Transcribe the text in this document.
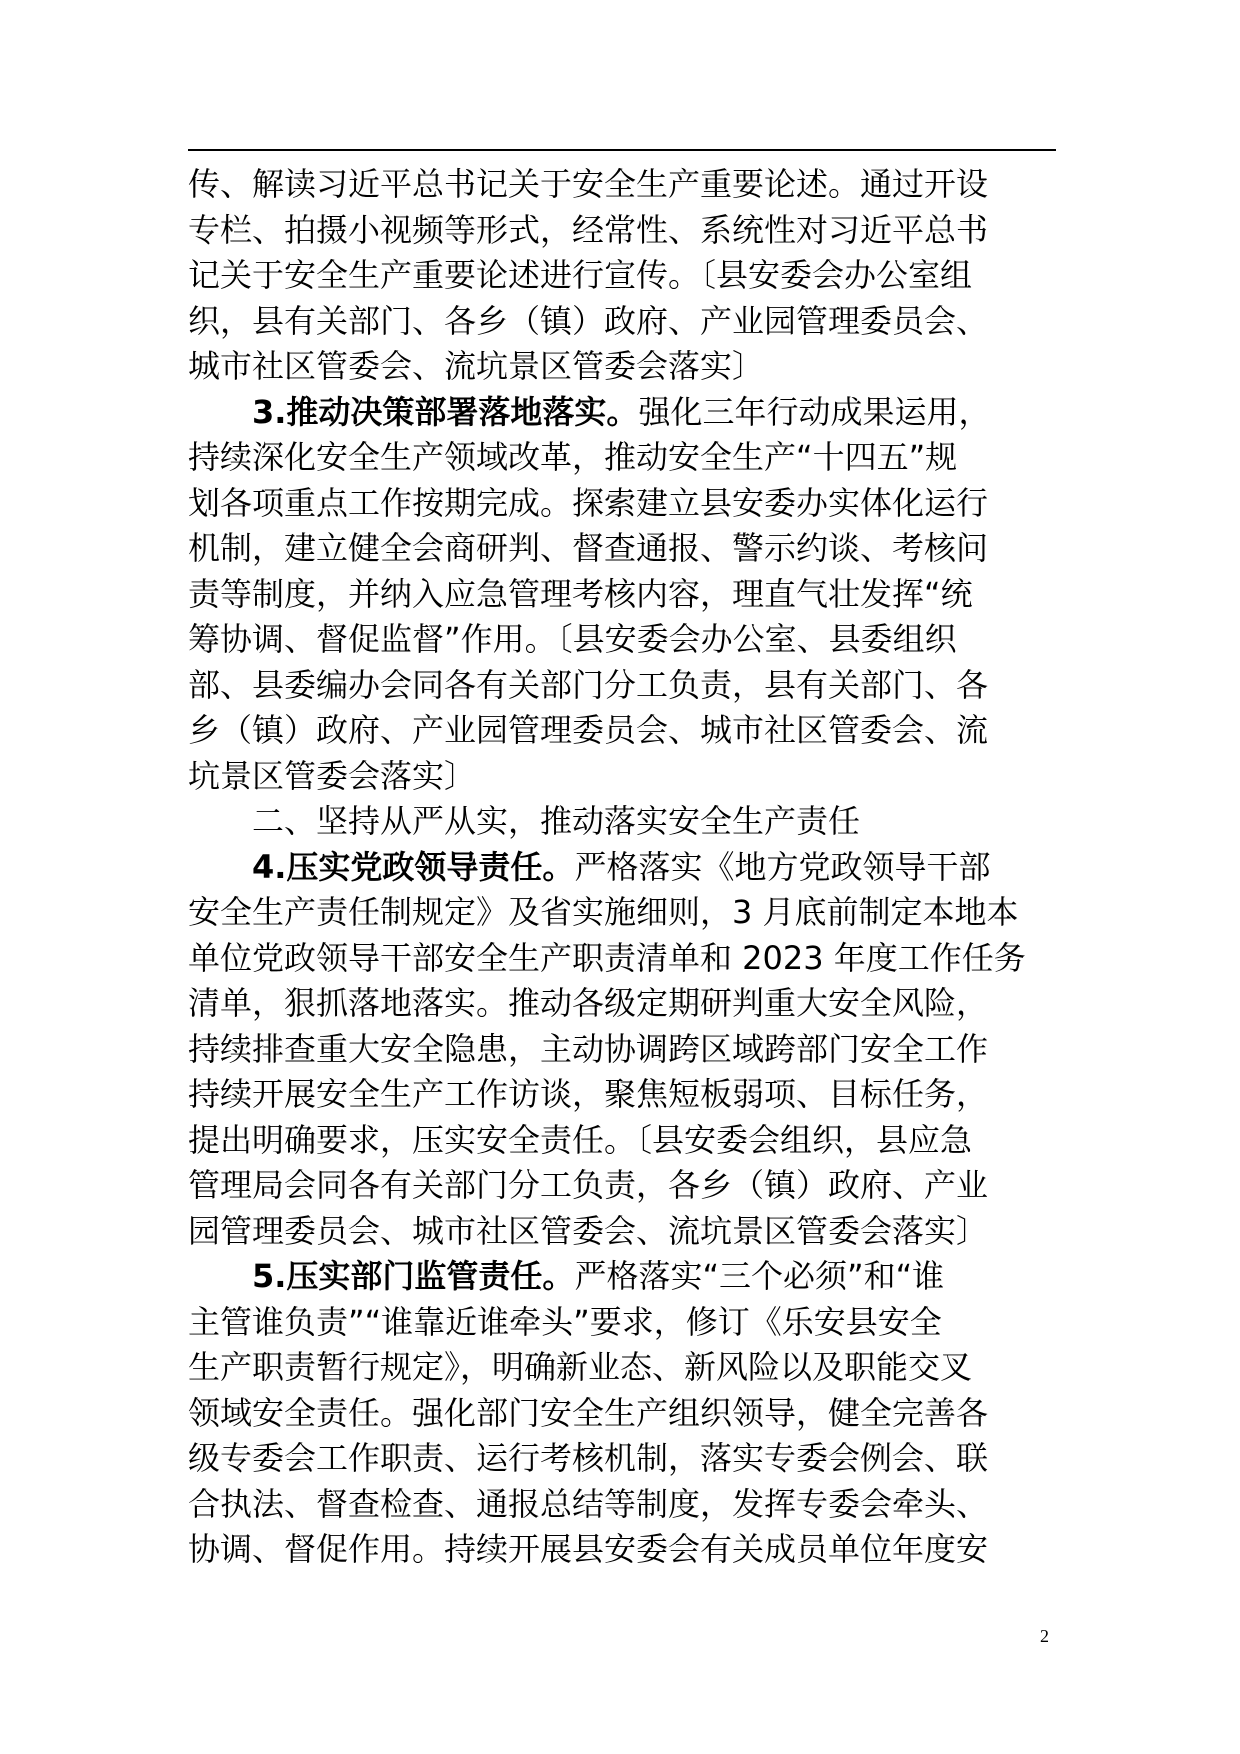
传、解读习近平总书记关于安全生产重要论述。通过开设
专栏、拍摄小视频等形式，经常性、系统性对习近平总书
记关于安全生产重要论述进行宣传。〔县安委会办公室组
织，县有关部门、各乡（镇）政府、产业园管理委员会、
城市社区管委会、流坑景区管委会落实〕
3.推动决策部署落地落实。强化三年行动成果运用，
持续深化安全生产领域改革，推动安全生产“十四五”规
划各项重点工作按期完成。探索建立县安委办实体化运行
机制，建立健全会商研判、督查通报、警示约谈、考核问
责等制度，并纳入应急管理考核内容，理直气壮发挥“统
筹协调、督促监督”作用。〔县安委会办公室、县委组织
部、县委编办会同各有关部门分工负责，县有关部门、各
乡（镇）政府、产业园管理委员会、城市社区管委会、流
坑景区管委会落实〕
二、坚持从严从实，推动落实安全生产责任
4.压实党政领导责任。严格落实《地方党政领导干部
安全生产责任制规定》及省实施细则，3 月底前制定本地本
单位党政领导干部安全生产职责清单和 2023 年度工作任务
清单，狠抓落地落实。推动各级定期研判重大安全风险，
持续排查重大安全隐患，主动协调跨区域跨部门安全工作
持续开展安全生产工作访谈，聚焦短板弱项、目标任务，
提出明确要求，压实安全责任。〔县安委会组织，县应急
管理局会同各有关部门分工负责，各乡（镇）政府、产业
园管理委员会、城市社区管委会、流坑景区管委会落实〕
5.压实部门监管责任。严格落实“三个必须”和“谁
主管谁负责”“谁靠近谁牵头”要求，修订《乐安县安全
生产职责暂行规定》，明确新业态、新风险以及职能交叉
领域安全责任。强化部门安全生产组织领导，健全完善各
级专委会工作职责、运行考核机制，落实专委会例会、联
合执法、督查检查、通报总结等制度，发挥专委会牵头、
协调、督促作用。持续开展县安委会有关成员单位年度安
2
